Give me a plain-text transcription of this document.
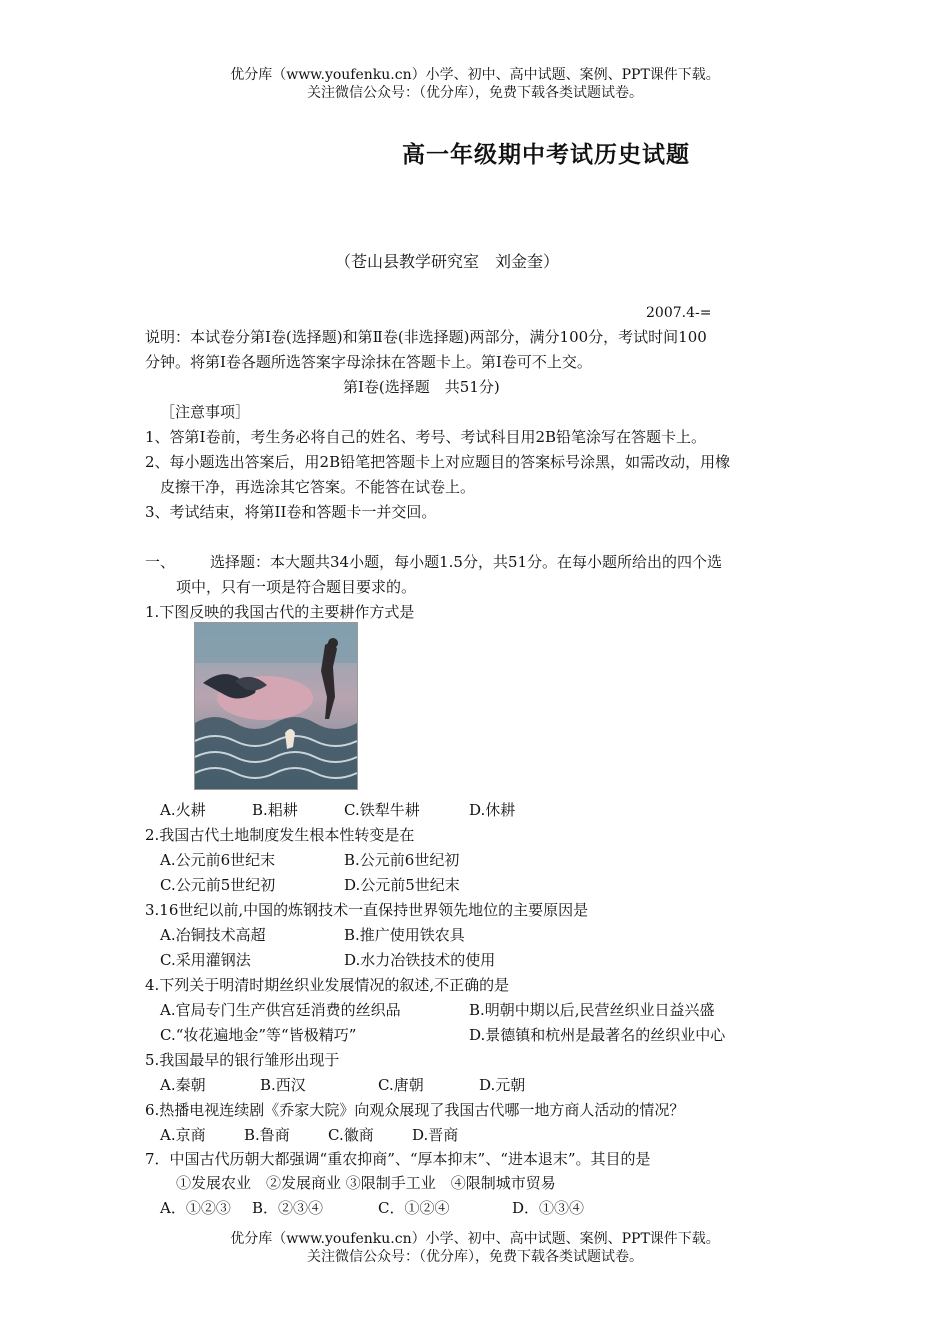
优分库（www.youfenku.cn）小学、初中、高中试题、案例、PPT课件下载。
关注微信公众号：（优分库），免费下载各类试题试卷。
高一年级期中考试历史试题
（苍山县教学研究室　刘金奎）
2007.4-=
说明：本试卷分第Ⅰ卷(选择题)和第Ⅱ卷(非选择题)两部分，满分100分，考试时间100
分钟。将第Ⅰ卷各题所选答案字母涂抹在答题卡上。第Ⅰ卷可不上交。
第Ⅰ卷(选择题　共51分)
［注意事项］
1、答第Ⅰ卷前，考生务必将自己的姓名、考号、考试科目用2B铅笔涂写在答题卡上。
2、每小题选出答案后，用2B铅笔把答题卡上对应题目的答案标号涂黑，如需改动，用橡
皮擦干净，再选涂其它答案。不能答在试卷上。
3、考试结束，将第II卷和答题卡一并交回。
一、 选择题：本大题共34小题，每小题1.5分，共51分。在每小题所给出的四个选
项中，只有一项是符合题目要求的。
1.下图反映的我国古代的主要耕作方式是
A.火耕	B.耜耕	C.铁犁牛耕	D.休耕
2.我国古代土地制度发生根本性转变是在
A.公元前6世纪末	B.公元前6世纪初
C.公元前5世纪初	D.公元前5世纪末
3.16世纪以前,中国的炼钢技术一直保持世界领先地位的主要原因是
A.冶铜技术高超	B.推广使用铁农具
C.采用灌钢法	D.水力冶铁技术的使用
4.下列关于明清时期丝织业发展情况的叙述,不正确的是
A.官局专门生产供宫廷消费的丝织品	B.明朝中期以后,民营丝织业日益兴盛
C.“妆花遍地金”等“皆极精巧”	D.景德镇和杭州是最著名的丝织业中心
5.我国最早的银行雏形出现于
A.秦朝	B.西汉	C.唐朝	D.元朝
6.热播电视连续剧《乔家大院》向观众展现了我国古代哪一地方商人活动的情况？
A.京商	B.鲁商	C.徽商	D.晋商
7．中国古代历朝大都强调“重农抑商”、“厚本抑末”、“进本退末”。其目的是
①发展农业　②发展商业 ③限制手工业　④限制城市贸易
A．①②③ B．②③④	C．①②④	D．①③④
优分库（www.youfenku.cn）小学、初中、高中试题、案例、PPT课件下载。
关注微信公众号：（优分库），免费下载各类试题试卷。
